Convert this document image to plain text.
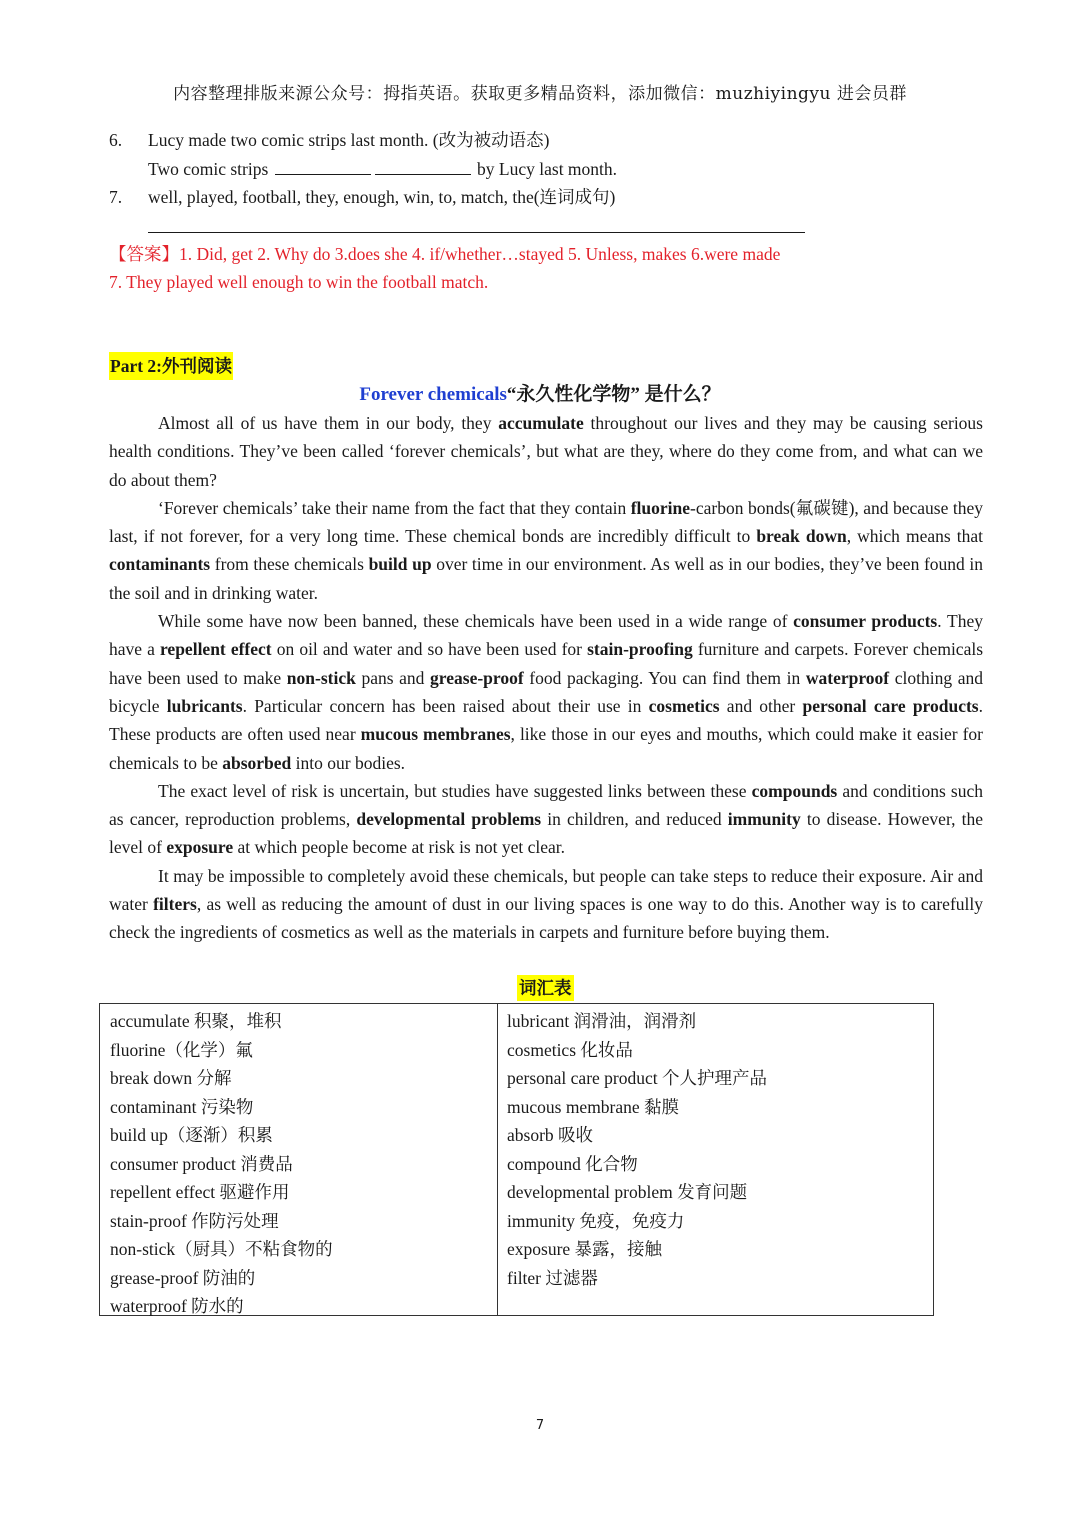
内容整理排版来源公众号：拇指英语。获取更多精品资料，添加微信：muzhiyingyu 进会员群
6. Lucy made two comic strips last month. (改为被动语态)
Two comic strips	by Lucy last month.
7. well, played, football, they, enough, win, to, match, the(连词成句)
【答案】1. Did, get 2. Why do 3.does she 4. if/whether…stayed 5. Unless, makes 6.were made
7. They played well enough to win the football match.
Part 2:外刊阅读
Forever chemicals“永久性化学物” 是什么？

Almost all of us have them in our body, they accumulate throughout our lives and they may be causing serious health conditions. They’ve been called ‘forever chemicals’, but what are they, where do they come from, and what can we do about them?

‘Forever chemicals’ take their name from the fact that they contain fluorine-carbon bonds(氟碳键), and because they last, if not forever, for a very long time. These chemical bonds are incredibly difficult to break down, which means that contaminants from these chemicals build up over time in our environment. As well as in our bodies, they’ve been found in the soil and in drinking water.

While some have now been banned, these chemicals have been used in a wide range of consumer products. They have a repellent effect on oil and water and so have been used for stain-proofing furniture and carpets. Forever chemicals have been used to make non-stick pans and grease-proof food packaging. You can find them in waterproof clothing and bicycle lubricants. Particular concern has been raised about their use in cosmetics and other personal care products. These products are often used near mucous membranes, like those in our eyes and mouths, which could make it easier for chemicals to be absorbed into our bodies.

The exact level of risk is uncertain, but studies have suggested links between these compounds and conditions such as cancer, reproduction problems, developmental problems in children, and reduced immunity to disease. However, the level of exposure at which people become at risk is not yet clear.

It may be impossible to completely avoid these chemicals, but people can take steps to reduce their exposure. Air and water filters, as well as reducing the amount of dust in our living spaces is one way to do this. Another way is to carefully check the ingredients of cosmetics as well as the materials in carpets and furniture before buying them.

词汇表
accumulate 积聚，堆积
fluorine（化学）氟
break down 分解
contaminant 污染物
build up（逐渐）积累
consumer product 消费品
repellent effect 驱避作用
stain-proof 作防污处理
non-stick（厨具）不粘食物的
grease-proof 防油的
waterproof 防水的
lubricant 润滑油，润滑剂
cosmetics 化妆品
personal care product 个人护理产品
mucous membrane 黏膜
absorb 吸收
compound 化合物
developmental problem 发育问题
immunity 免疫，免疫力
exposure 暴露，接触
filter 过滤器
7
